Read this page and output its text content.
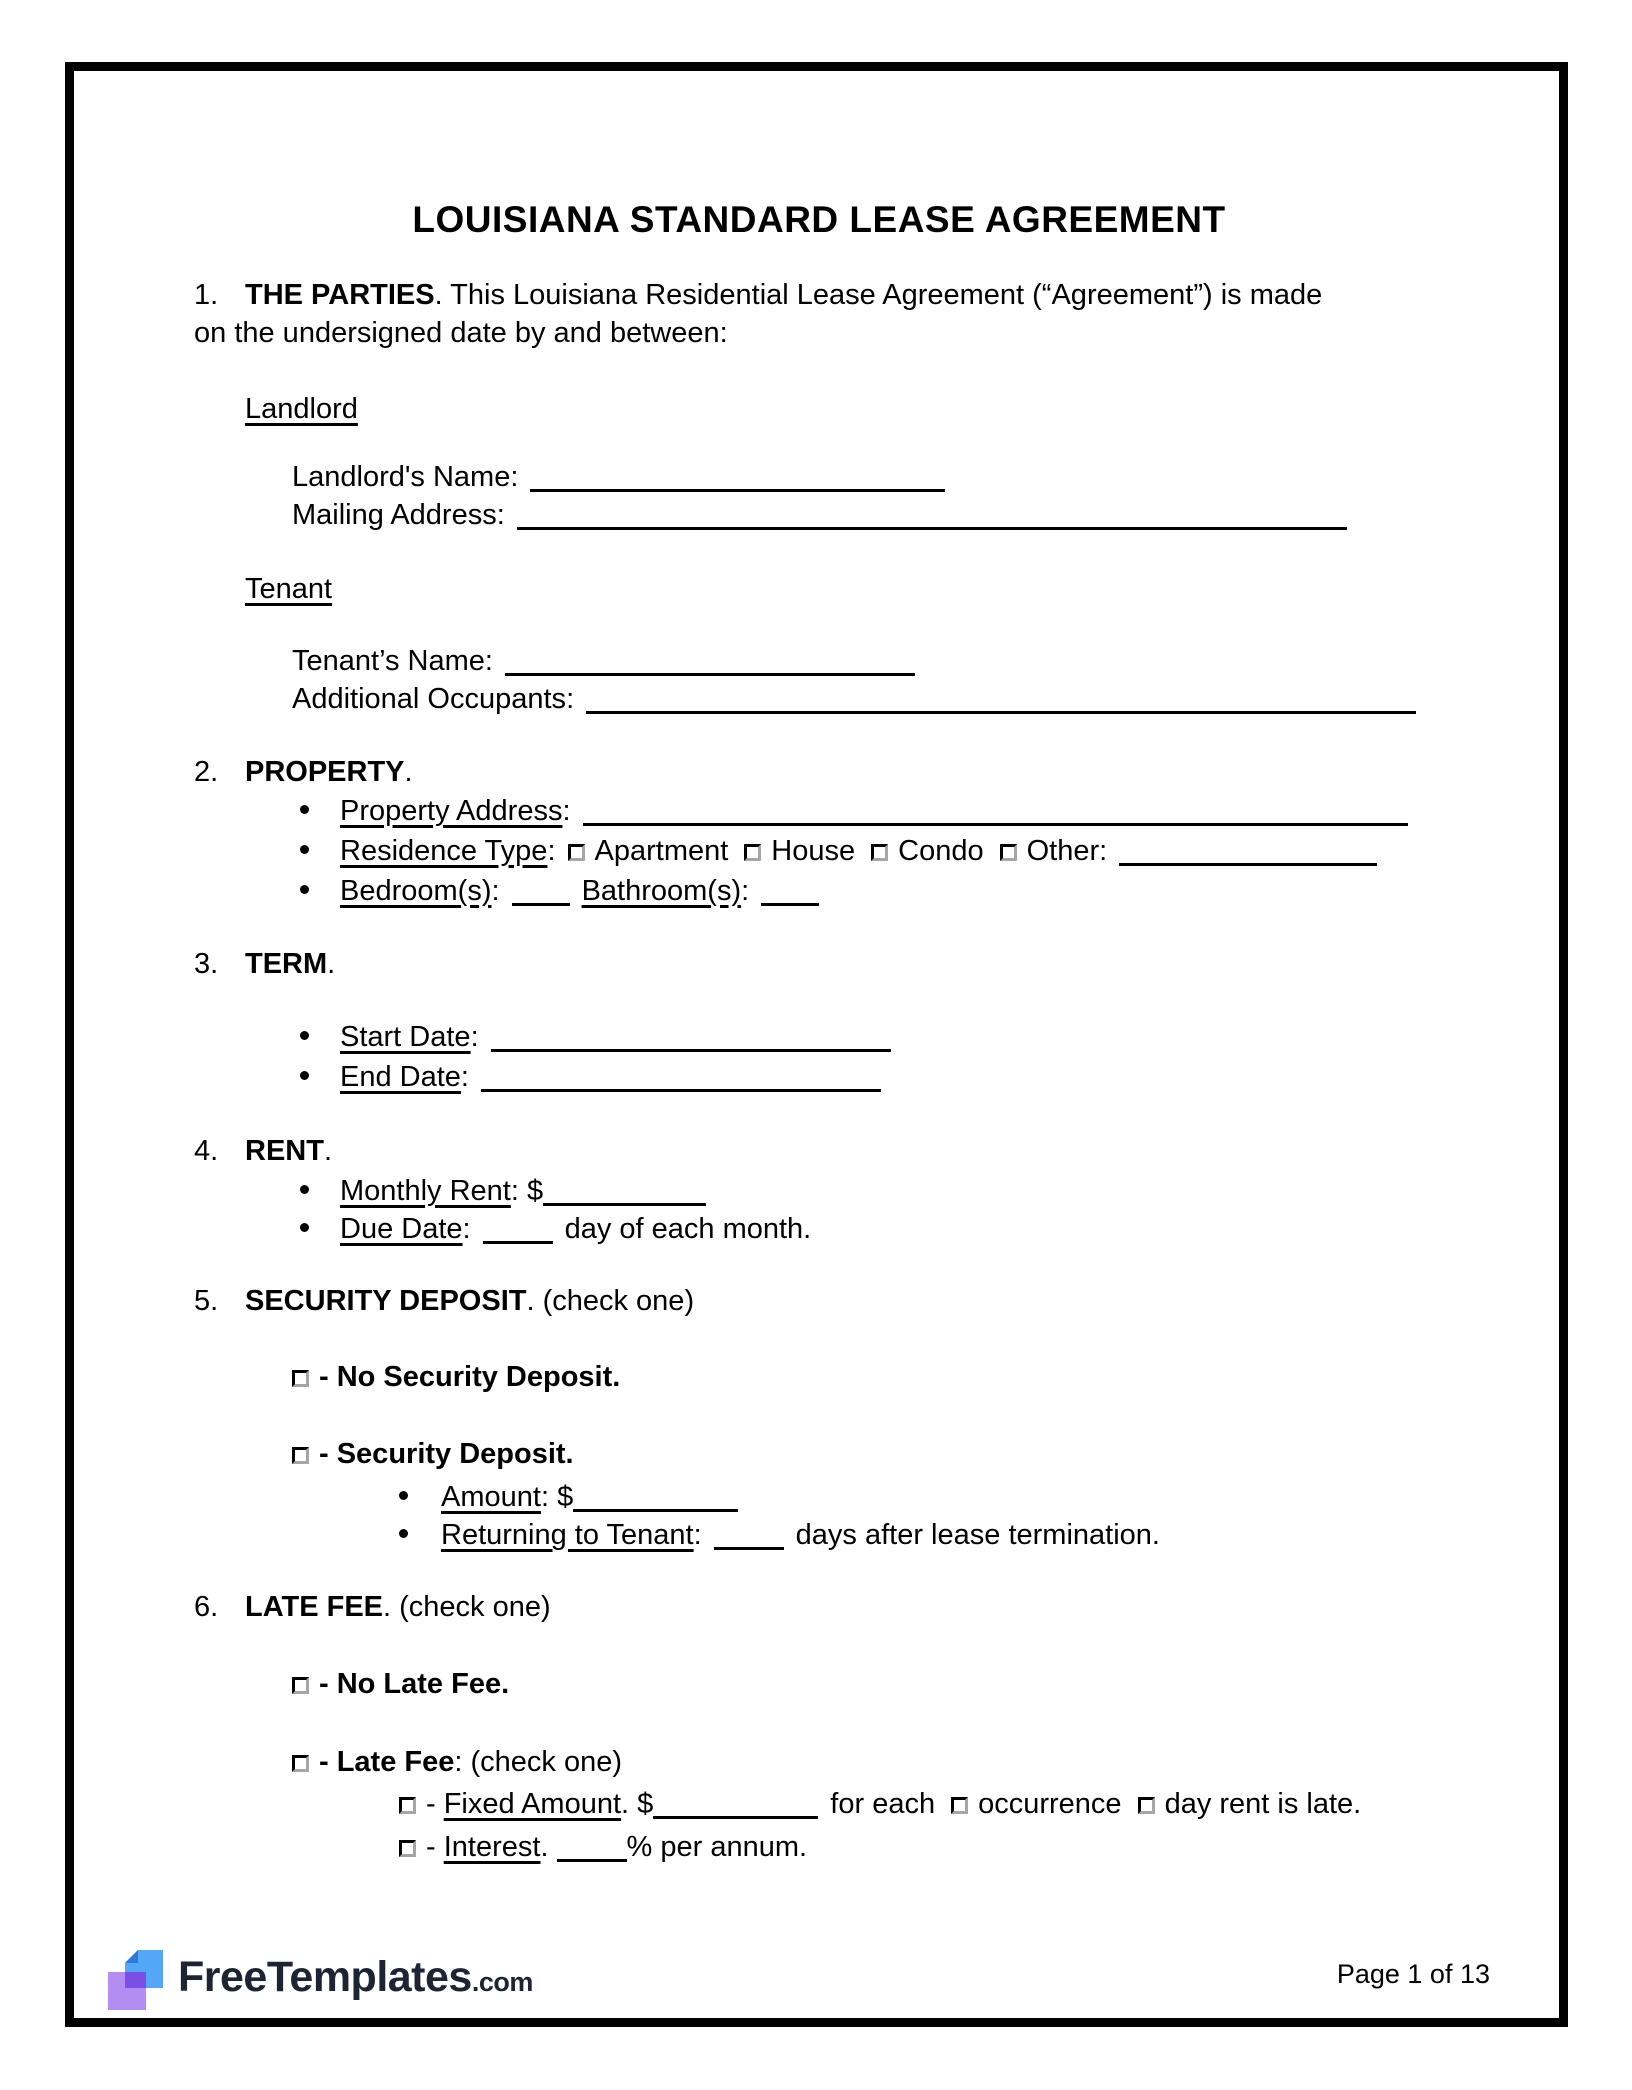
LOUISIANA STANDARD LEASE AGREEMENT
1. THE PARTIES. This Louisiana Residential Lease Agreement (“Agreement”) is made
on the undersigned date by and between:
Landlord
Landlord's Name:
Mailing Address:
Tenant
Tenant’s Name:
Additional Occupants:
2. PROPERTY.
Property Address:
Residence Type: Apartment House Condo Other:
Bedroom(s):	Bathroom(s):
3. TERM.
Start Date:
End Date:
4. RENT.
Monthly Rent: $
Due Date:	day of each month.
5. SECURITY DEPOSIT. (check one)
- No Security Deposit.
- Security Deposit.
Amount: $
Returning to Tenant:	days after lease termination.
6. LATE FEE. (check one)
- No Late Fee.
- Late Fee: (check one)
- Fixed Amount. $	for each occurrence day rent is late.
- Interest.	% per annum.
FreeTemplates.com	Page 1 of 13
